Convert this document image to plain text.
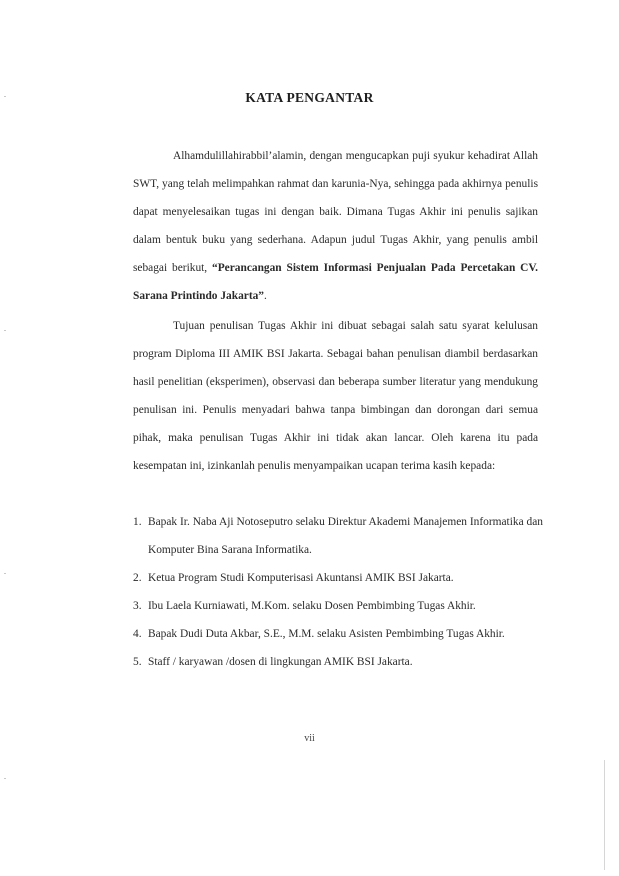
KATA PENGANTAR

Alhamdulillahirabbil’alamin, dengan mengucapkan puji syukur kehadirat Allah SWT, yang telah melimpahkan rahmat dan karunia-Nya, sehingga pada akhirnya penulis dapat menyelesaikan tugas ini dengan baik. Dimana Tugas Akhir ini penulis sajikan dalam bentuk buku yang sederhana. Adapun judul Tugas Akhir, yang penulis ambil sebagai berikut, “Perancangan Sistem Informasi Penjualan Pada Percetakan CV. Sarana Printindo Jakarta”.

Tujuan penulisan Tugas Akhir ini dibuat sebagai salah satu syarat kelulusan program Diploma III AMIK BSI Jakarta. Sebagai bahan penulisan diambil berdasarkan hasil penelitian (eksperimen), observasi dan beberapa sumber literatur yang mendukung penulisan ini. Penulis menyadari bahwa tanpa bimbingan dan dorongan dari semua pihak, maka penulisan Tugas Akhir ini tidak akan lancar. Oleh karena itu pada kesempatan ini, izinkanlah penulis menyampaikan ucapan terima kasih kepada:

1. Bapak Ir. Naba Aji Notoseputro selaku Direktur Akademi Manajemen Informatika dan Komputer Bina Sarana Informatika.
2. Ketua Program Studi Komputerisasi Akuntansi AMIK BSI Jakarta.
3. Ibu Laela Kurniawati, M.Kom. selaku Dosen Pembimbing Tugas Akhir.
4. Bapak Dudi Duta Akbar, S.E., M.M. selaku Asisten Pembimbing Tugas Akhir.
5. Staff / karyawan /dosen di lingkungan AMIK BSI Jakarta.
vii
